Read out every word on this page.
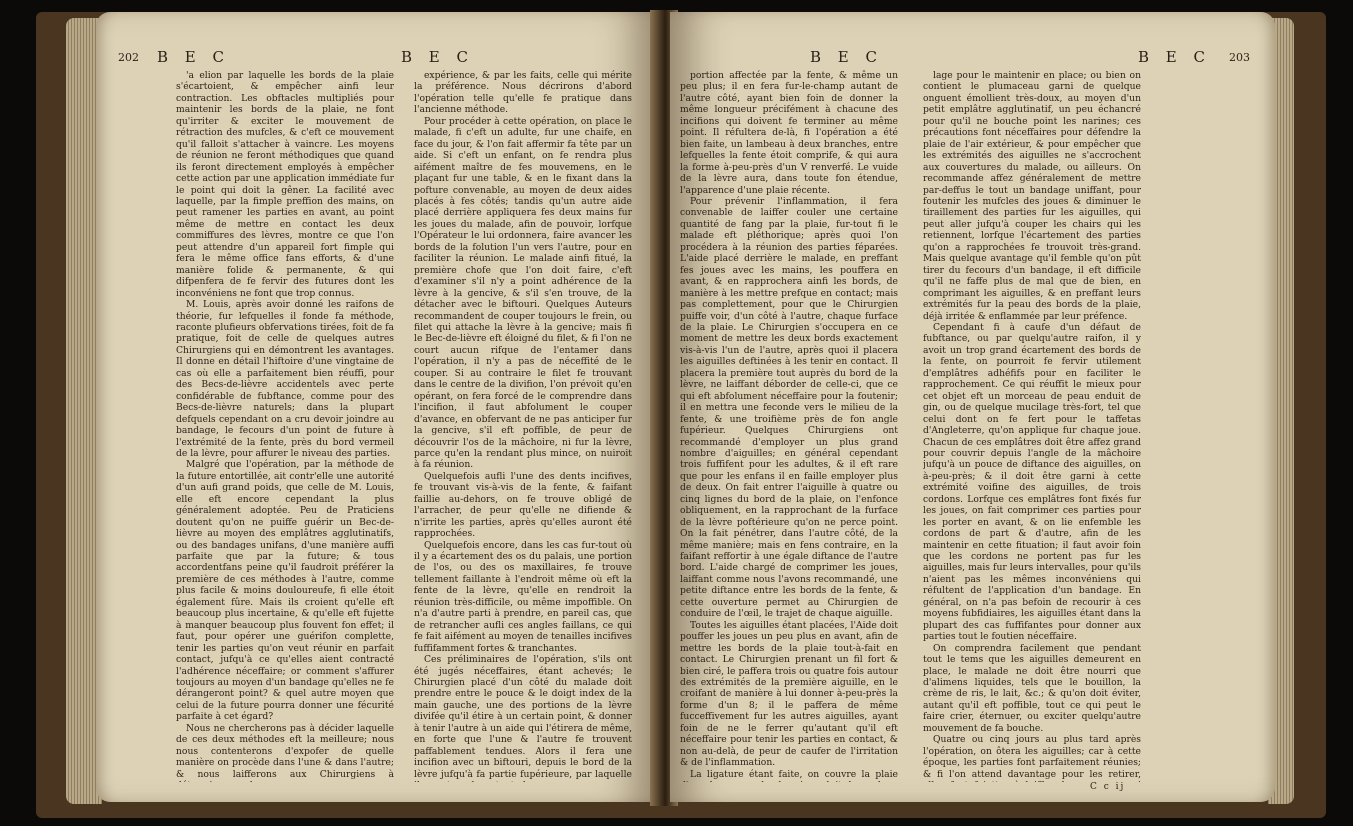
202 B E C	B E C

'a elion par laquelle les bords de la plaie s'écartoient, & empêcher ainfi leur contraction. Les obftacles multipliés pour maintenir les bords de la plaie, ne font qu'irriter & exciter le mouvement de rétraction des mufcles, & c'eft ce mouvement qu'il falloit s'attacher à vaincre. Les moyens de réunion ne feront méthodiques que quand ils feront directement employés à empêcher cette action par une application immédiate fur le point qui doit la gêner. La facilité avec laquelle, par la fimple preffion des mains, on peut ramener les parties en avant, au point même de mettre en contact les deux commiffures des lèvres, montre ce que l'on peut attendre d'un appareil fort fimple qui fera le même office fans efforts, & d'une manière folide & permanente, & qui difpenfera de fe fervir des futures dont les inconvéniens ne font que trop connus.

M. Louis, après avoir donné les raifons de théorie, fur lefquelles il fonde fa méthode, raconte plufieurs obfervations tirées, foit de fa pratique, foit de celle de quelques autres Chirurgiens qui en démontrent les avantages. Il donne en détail l'hiftoire d'une vingtaine de cas où elle a parfaitement bien réuffi, pour des Becs-de-lièvre accidentels avec perte confidérable de fubftance, comme pour des Becs-de-lièvre naturels; dans la plupart defquels cependant on a cru devoir joindre au bandage, le fecours d'un point de future à l'extrémité de la fente, près du bord vermeil de la lèvre, pour affurer le niveau des parties.

Malgré que l'opération, par la méthode de la future entortillée, ait contr'elle une autorité d'un aufi grand poids, que celle de M. Louis, elle eft encore cependant la plus généralement adoptée. Peu de Praticiens doutent qu'on ne puiffe guérir un Bec-de-lièvre au moyen des emplâtres agglutinatifs, ou des bandages unifans, d'une manière auffi parfaite que par la future; & tous accordentfans peine qu'il faudroit préférer la première de ces méthodes à l'autre, comme plus facile & moins douloureufe, fi elle étoit également fûre. Mais ils croient qu'elle eft beaucoup plus incertaine, & qu'elle eft fujette à manquer beaucoup plus fouvent fon effet; il faut, pour opérer une guérifon complette, tenir les parties qu'on veut réunir en parfait contact, jufqu'à ce qu'elles aient contracté l'adhérence néceffaire; or comment s'affurer toujours au moyen d'un bandage qu'elles ne fe dérangeront point? & quel autre moyen que celui de la future pourra donner une fécurité parfaite à cet égard?

Nous ne chercherons pas à décider laquelle de ces deux méthodes eft la meilleure; nous nous contenterons d'expofer de quelle manière on procède dans l'une & dans l'autre; & nous laifferons aux Chirurgiens à

expérience, & par les faits, celle qui mérite la préférence. Nous décrirons d'abord l'opération telle qu'elle fe pratique dans l'ancienne méthode.

Pour procéder à cette opération, on place le malade, fi c'eft un adulte, fur une chaife, en face du jour, & l'on fait affermir fa tête par un aide. Si c'eft un enfant, on fe rendra plus aifément maître de fes mouvemens, en le plaçant fur une table, & en le fixant dans la pofture convenable, au moyen de deux aides placés à fes côtés; tandis qu'un autre aide placé derrière appliquera fes deux mains fur les joues du malade, afin de pouvoir, lorfque l'Opérateur le lui ordonnera, faire avancer les bords de la folution l'un vers l'autre, pour en faciliter la réunion. Le malade ainfi fitué, la première chofe que l'on doit faire, c'eft d'examiner s'il n'y a point adhérence de la lèvre à la gencive, & s'il s'en trouve, de la détacher avec le biftouri. Quelques Auteurs recommandent de couper toujours le frein, ou filet qui attache la lèvre à la gencive; mais fi le Bec-de-lièvre eft éloigné du filet, & fi l'on ne court aucun rifque de l'entamer dans l'opération, il n'y a pas de néceffité de le couper. Si au contraire le filet fe trouvant dans le centre de la divifion, l'on prévoit qu'en opérant, on fera forcé de le comprendre dans l'incifion, il faut abfolument le couper d'avance, en obfervant de ne pas anticiper fur la gencive, s'il eft poffible, de peur de découvrir l'os de la mâchoire, ni fur la lèvre, parce qu'en la rendant plus mince, on nuiroit à fa réunion.

Quelquefois aufli l'une des dents incifives, fe trouvant vis-à-vis de la fente, & faifant faillie au-dehors, on fe trouve obligé de l'arracher, de peur qu'elle ne difiende & n'irrite les parties, après qu'elles auront été rapprochées.

Quelquefois encore, dans les cas fur-tout où il y a écartement des os du palais, une portion de l'os, ou des os maxillaires, fe trouve tellement faillante à l'endroit même où eft la fente de la lèvre, qu'elle en rendroit la réunion très-difficile, ou même impoffible. On n'a d'autre parti à prendre, en pareil cas, que de retrancher aufli ces angles faillans, ce qui fe fait aifément au moyen de tenailles incifives fuffifamment fortes & tranchantes.

Ces préliminaires de l'opération, s'ils ont été jugés néceffaires, étant achevés; le Chirurgien placé d'un côté du malade doit prendre entre le pouce & le doigt index de la main gauche, une des portions de la lèvre divifée qu'il étire à un certain point, & donner à tenir l'autre à un aide qui l'étirera de même, en forte que l'une & l'autre fe trouvent paffablement tendues. Alors il fera une incifion avec un biftouri, depuis le bord de la lèvre jufqu'à fa partie fupérieure, par laquelle

B E C	B E C 203

portion affectée par la fente, & même un peu plus; il en fera fur-le-champ autant de l'autre côté, ayant bien foin de donner la même longueur précifément à chacune des incifions qui doivent fe terminer au même point. Il réfultera de-là, fi l'opération a été bien faite, un lambeau à deux branches, entre lefquelles la fente étoit comprife, & qui aura la forme à-peu-près d'un V renverfé. Le vuide de la lèvre aura, dans toute fon étendue, l'apparence d'une plaie récente.

Pour prévenir l'inflammation, il fera convenable de laiffer couler une certaine quantité de fang par la plaie, fur-tout fi le malade eft pléthorique; après quoi l'on procédera à la réunion des parties féparées. L'aide placé derrière le malade, en preffant fes joues avec les mains, les pouffera en avant, & en rapprochera ainfi les bords, de manière à les mettre prefque en contact; mais pas complettement, pour que le Chirurgien puiffe voir, d'un côté à l'autre, chaque furface de la plaie. Le Chirurgien s'occupera en ce moment de mettre les deux bords exactement vis-à-vis l'un de l'autre, après quoi il placera les aiguilles deftinées à les tenir en contact. Il placera la première tout auprès du bord de la lèvre, ne laiffant déborder de celle-ci, que ce qui eft abfolument néceffaire pour la foutenir; il en mettra une feconde vers le milieu de la fente, & une troifième près de fon angle fupérieur. Quelques Chirurgiens ont recommandé d'employer un plus grand nombre d'aiguilles; en général cependant trois fuffifent pour les adultes, & il eft rare que pour les enfans il en faille employer plus de deux. On fait entrer l'aiguille à quatre ou cinq lignes du bord de la plaie, on l'enfonce obliquement, en la rapprochant de la furface de la lèvre poftérieure qu'on ne perce point. On la fait pénétrer, dans l'autre côté, de la même manière; mais en fens contraire, en la faifant reffortir à une égale diftance de l'autre bord. L'aide chargé de comprimer les joues, laiffant comme nous l'avons recommandé, une petite diftance entre les bords de la fente, & cette ouverture permet au Chirurgien de conduire de l'œil, le trajet de chaque aiguille.

Toutes les aiguilles étant placées, l'Aide doit pouffer les joues un peu plus en avant, afin de mettre les bords de la plaie tout-à-fait en contact. Le Chirurgien prenant un fil fort & bien ciré, le paffera trois ou quatre fois autour des extrémités de la première aiguille, en le croifant de manière à lui donner à-peu-près la forme d'un 8; il le paffera de même fucceffivement fur les autres aiguilles, ayant foin de ne le ferrer qu'autant qu'il eft néceffaire pour tenir les parties en contact, & non au-delà, de peur de caufer de l'irritation & de l'inflammation.

La ligature étant faite, on couvre la plaie

lage pour le maintenir en place; ou bien on contient le plumaceau garni de quelque onguent émollient très-doux, au moyen d'un petit emplâtre agglutinatif, un peu échancré pour qu'il ne bouche point les narines; ces précautions font néceffaires pour défendre la plaie de l'air extérieur, & pour empêcher que les extrémités des aiguilles ne s'accrochent aux couvertures du malade, ou ailleurs. On recommande affez généralement de mettre par-deffus le tout un bandage uniffant, pour foutenir les mufcles des joues & diminuer le tiraillement des parties fur les aiguilles, qui peut aller jufqu'à couper les chairs qui les retiennent, lorfque l'écartement des parties qu'on a rapprochées fe trouvoit très-grand. Mais quelque avantage qu'il femble qu'on pût tirer du fecours d'un bandage, il eft difficile qu'il ne faffe plus de mal que de bien, en comprimant les aiguilles, & en preffant leurs extrémités fur la peau des bords de la plaie, déjà irritée & enflammée par leur préfence.

Cependant fi à caufe d'un défaut de fubftance, ou par quelqu'autre raifon, il y avoit un trop grand écartement des bords de la fente, on pourroit fe fervir utilement d'emplâtres adhéfifs pour en faciliter le rapprochement. Ce qui réuffit le mieux pour cet objet eft un morceau de peau enduit de gin, ou de quelque mucilage très-fort, tel que celui dont on fe fert pour le taffetas d'Angleterre, qu'on applique fur chaque joue. Chacun de ces emplâtres doit être affez grand pour couvrir depuis l'angle de la mâchoire jufqu'à un pouce de diftance des aiguilles, on à-peu-près; & il doit être garni à cette extrémité voifine des aiguilles, de trois cordons. Lorfque ces emplâtres font fixés fur les joues, on fait comprimer ces parties pour les porter en avant, & on lie enfemble les cordons de part & d'autre, afin de les maintenir en cette fituation; il faut avoir foin que les cordons ne portent pas fur les aiguilles, mais fur leurs intervalles, pour qu'ils n'aient pas les mêmes inconvéniens qui réfultent de l'application d'un bandage. En général, on n'a pas befoin de recourir à ces moyens fubfidiaires, les aiguilles étant dans la plupart des cas fuffifantes pour donner aux parties tout le foutien néceffaire.

On comprendra facilement que pendant tout le tems que les aiguilles demeurent en place, le malade ne doit être nourri que d'alimens liquides, tels que le bouillon, la crème de ris, le lait, &c.; & qu'on doit éviter, autant qu'il eft poffible, tout ce qui peut le faire crier, éternuer, ou exciter quelqu'autre mouvement de fa bouche.

Quatre ou cinq jours au plus tard après l'opération, on ôtera les aiguilles; car à cette époque, les parties font parfaitement réunies; & fi l'on attend davantage pour les retirer,

C c ij
